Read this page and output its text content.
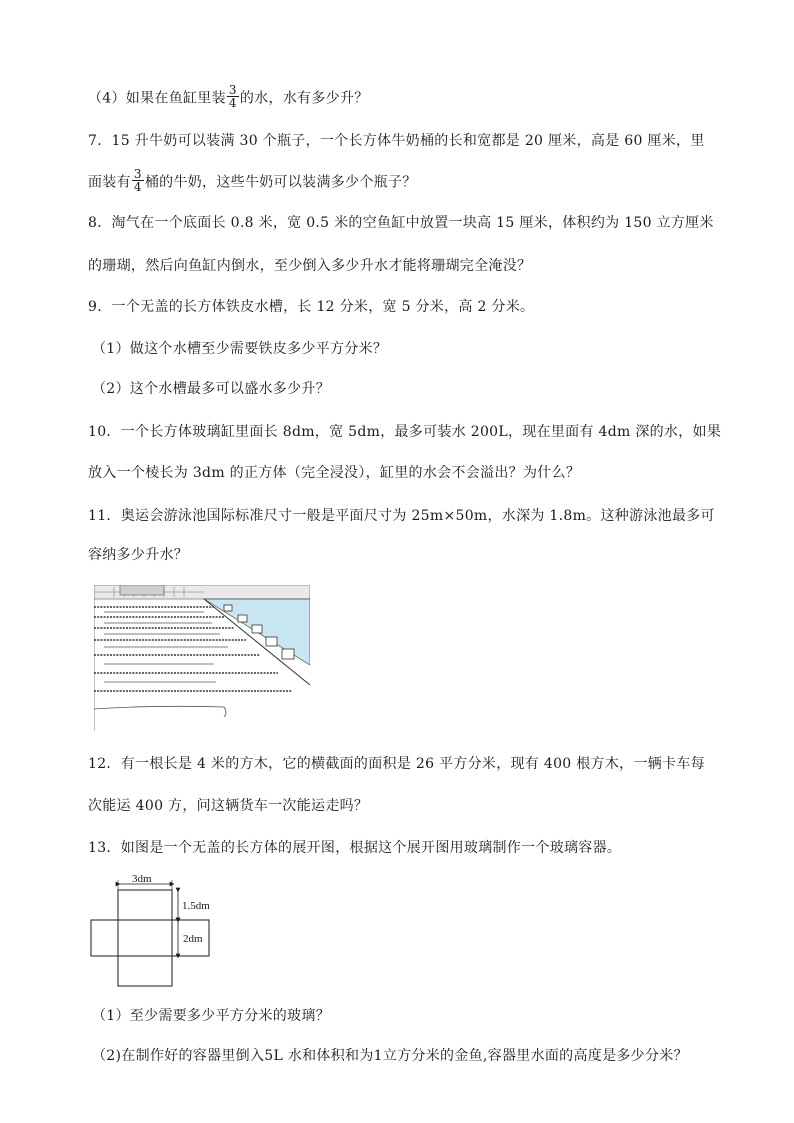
（4）如果在鱼缸里装 $\frac{3}{4}$ 的水，水有多少升？
7．15 升牛奶可以装满 30 个瓶子，一个长方体牛奶桶的长和宽都是 20 厘米，高是 60 厘米，里
面装有 $\frac{3}{4}$ 桶的牛奶，这些牛奶可以装满多少个瓶子？
8．淘气在一个底面长 0.8 米，宽 0.5 米的空鱼缸中放置一块高 15 厘米，体积约为 150 立方厘米
的珊瑚，然后向鱼缸内倒水，至少倒入多少升水才能将珊瑚完全淹没？
9．一个无盖的长方体铁皮水槽，长 12 分米，宽 5 分米，高 2 分米。
（1）做这个水槽至少需要铁皮多少平方分米？
（2）这个水槽最多可以盛水多少升？
10．一个长方体玻璃缸里面长 8dm，宽 5dm，最多可装水 200L，现在里面有 4dm 深的水，如果
放入一个棱长为 3dm 的正方体（完全浸没），缸里的水会不会溢出？为什么？
11．奥运会游泳池国际标准尺寸一般是平面尺寸为 25m×50m，水深为 1.8m。这种游泳池最多可
容纳多少升水？
12．有一根长是 4 米的方木，它的横截面的面积是 26 平方分米，现有 400 根方木，一辆卡车每
次能运 400 方，问这辆货车一次能运走吗？
13．如图是一个无盖的长方体的展开图，根据这个展开图用玻璃制作一个玻璃容器。
3dm
1.5dm
2dm
（1）至少需要多少平方分米的玻璃？
（2)在制作好的容器里倒入5L 水和体积和为1立方分米的金鱼,容器里水面的高度是多少分米？
